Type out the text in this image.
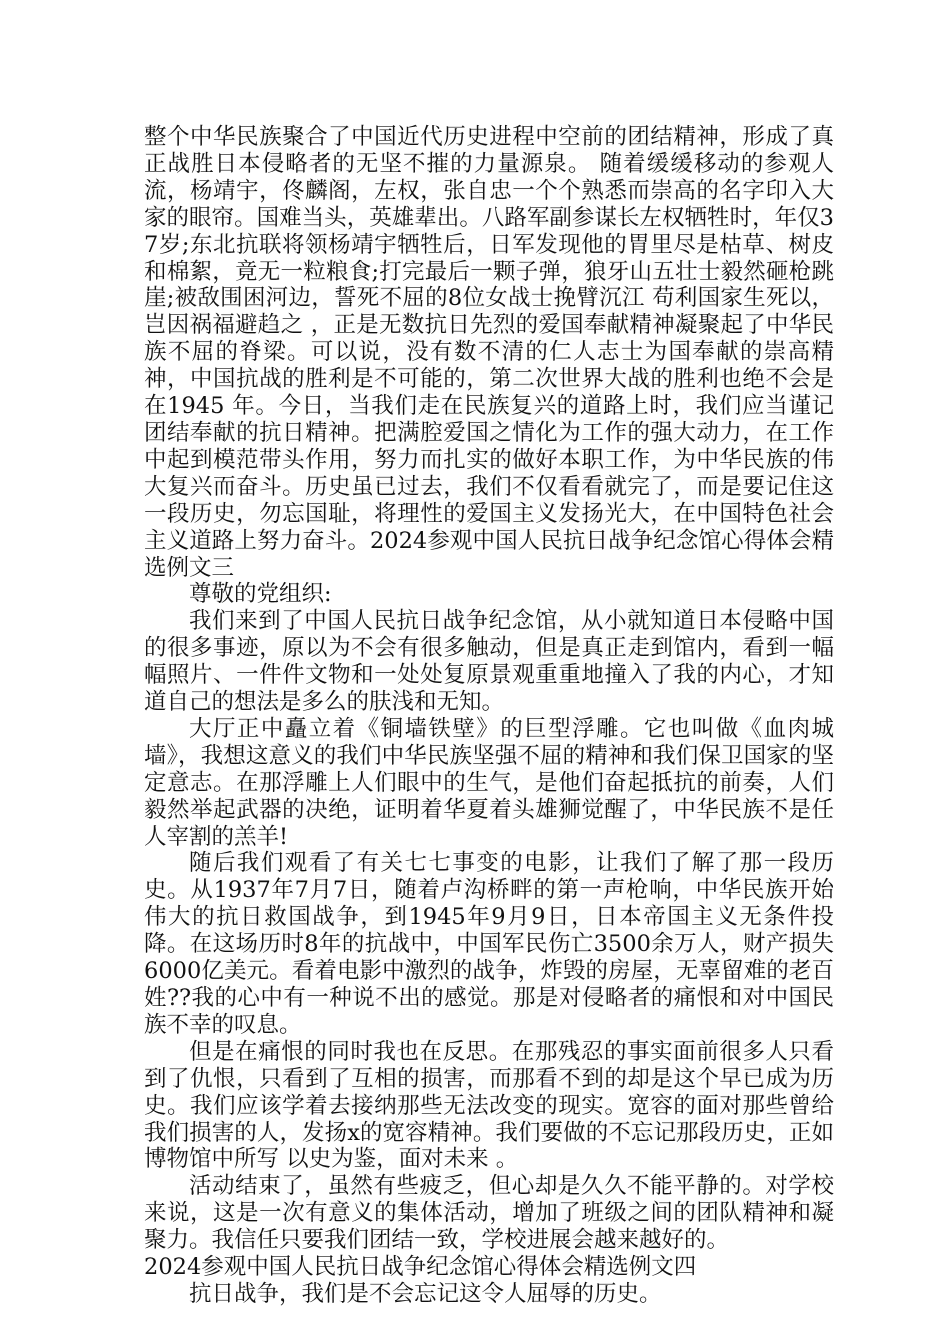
整个中华民族聚合了中国近代历史进程中空前的团结精神，形成了真正战胜日本侵略者的无坚不摧的力量源泉。 随着缓缓移动的参观人流，杨靖宇，佟麟阁，左权，张自忠一个个熟悉而崇高的名字印入大家的眼帘。国难当头，英雄辈出。八路军副参谋长左权牺牲时，年仅37岁;东北抗联将领杨靖宇牺牲后，日军发现他的胃里尽是枯草、树皮和棉絮，竟无一粒粮食;打完最后一颗子弹，狼牙山五壮士毅然砸枪跳崖;被敌围困河边，誓死不屈的8位女战士挽臂沉江 苟利国家生死以，岂因祸福避趋之 ，正是无数抗日先烈的爱国奉献精神凝聚起了中华民族不屈的脊梁。可以说，没有数不清的仁人志士为国奉献的崇高精神，中国抗战的胜利是不可能的，第二次世界大战的胜利也绝不会是在1945 年。今日，当我们走在民族复兴的道路上时，我们应当谨记团结奉献的抗日精神。把满腔爱国之情化为工作的强大动力，在工作中起到模范带头作用，努力而扎实的做好本职工作，为中华民族的伟大复兴而奋斗。历史虽已过去，我们不仅看看就完了，而是要记住这一段历史，勿忘国耻，将理性的爱国主义发扬光大，在中国特色社会主义道路上努力奋斗。2024参观中国人民抗日战争纪念馆心得体会精选例文三

尊敬的党组织:

我们来到了中国人民抗日战争纪念馆，从小就知道日本侵略中国的很多事迹，原以为不会有很多触动，但是真正走到馆内，看到一幅幅照片、一件件文物和一处处复原景观重重地撞入了我的内心，才知道自己的想法是多么的肤浅和无知。

大厅正中矗立着《铜墙铁壁》的巨型浮雕。它也叫做《血肉城墙》，我想这意义的我们中华民族坚强不屈的精神和我们保卫国家的坚定意志。在那浮雕上人们眼中的生气，是他们奋起抵抗的前奏，人们毅然举起武器的决绝，证明着华夏着头雄狮觉醒了，中华民族不是任人宰割的羔羊!

随后我们观看了有关七七事变的电影，让我们了解了那一段历史。从1937年7月7日，随着卢沟桥畔的第一声枪响，中华民族开始伟大的抗日救国战争，到1945年9月9日，日本帝国主义无条件投降。在这场历时8年的抗战中，中国军民伤亡3500余万人，财产损失6000亿美元。看着电影中激烈的战争，炸毁的房屋，无辜留难的老百姓??我的心中有一种说不出的感觉。那是对侵略者的痛恨和对中国民族不幸的叹息。

但是在痛恨的同时我也在反思。在那残忍的事实面前很多人只看到了仇恨，只看到了互相的损害，而那看不到的却是这个早已成为历史。我们应该学着去接纳那些无法改变的现实。宽容的面对那些曾给我们损害的人，发扬x的宽容精神。我们要做的不忘记那段历史，正如博物馆中所写 以史为鉴，面对未来 。

活动结束了，虽然有些疲乏，但心却是久久不能平静的。对学校来说，这是一次有意义的集体活动，增加了班级之间的团队精神和凝聚力。我信任只要我们团结一致，学校进展会越来越好的。

2024参观中国人民抗日战争纪念馆心得体会精选例文四

抗日战争，我们是不会忘记这令人屈辱的历史。
